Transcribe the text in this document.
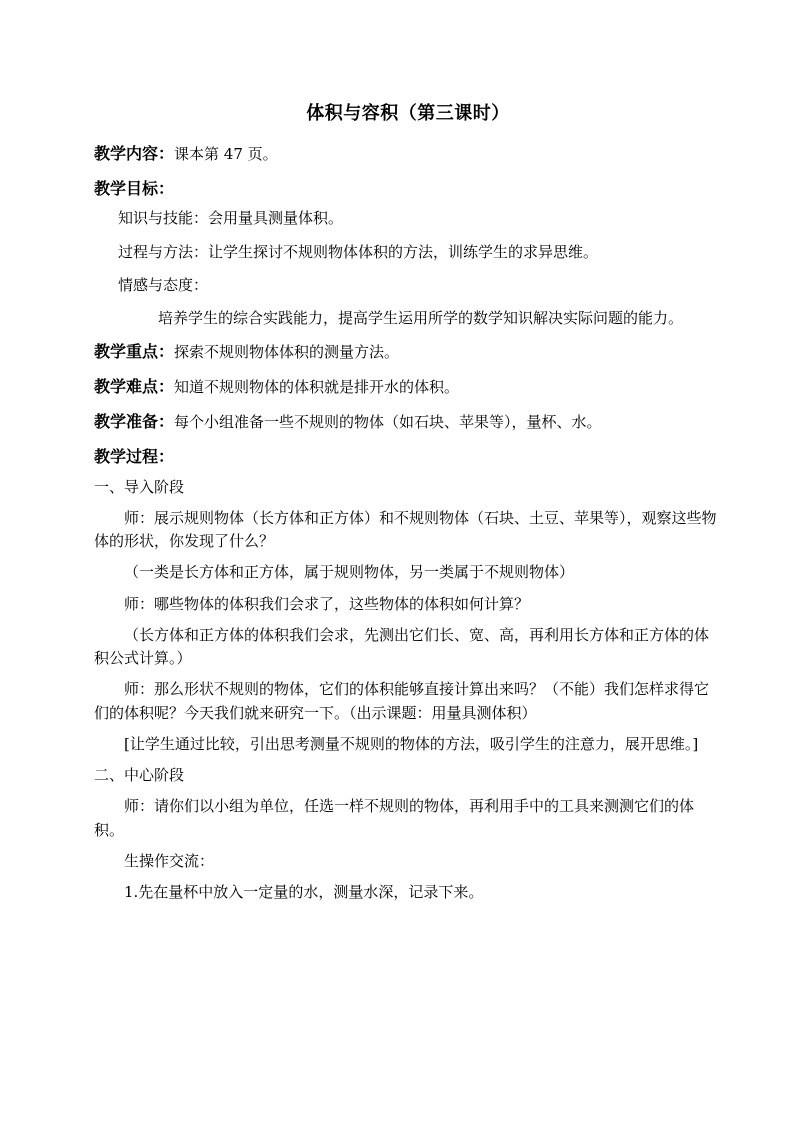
体积与容积（第三课时）
教学内容：课本第 47 页。
教学目标：
知识与技能：会用量具测量体积。
过程与方法：让学生探讨不规则物体体积的方法，训练学生的求异思维。
情感与态度：
培养学生的综合实践能力，提高学生运用所学的数学知识解决实际问题的能力。
教学重点：探索不规则物体体积的测量方法。
教学难点：知道不规则物体的体积就是排开水的体积。
教学准备：每个小组准备一些不规则的物体（如石块、苹果等），量杯、水。
教学过程：
一、导入阶段
师：展示规则物体（长方体和正方体）和不规则物体（石块、土豆、苹果等），观察这些物体的形状，你发现了什么？
（一类是长方体和正方体，属于规则物体，另一类属于不规则物体）
师：哪些物体的体积我们会求了，这些物体的体积如何计算？
（长方体和正方体的体积我们会求，先测出它们长、宽、高，再利用长方体和正方体的体积公式计算。）
师：那么形状不规则的物体，它们的体积能够直接计算出来吗？（不能）我们怎样求得它们的体积呢？今天我们就来研究一下。（出示课题：用量具测体积）
[让学生通过比较，引出思考测量不规则的物体的方法，吸引学生的注意力，展开思维。]
二、中心阶段
师：请你们以小组为单位，任选一样不规则的物体，再利用手中的工具来测测它们的体积。
生操作交流：
1.先在量杯中放入一定量的水，测量水深，记录下来。
